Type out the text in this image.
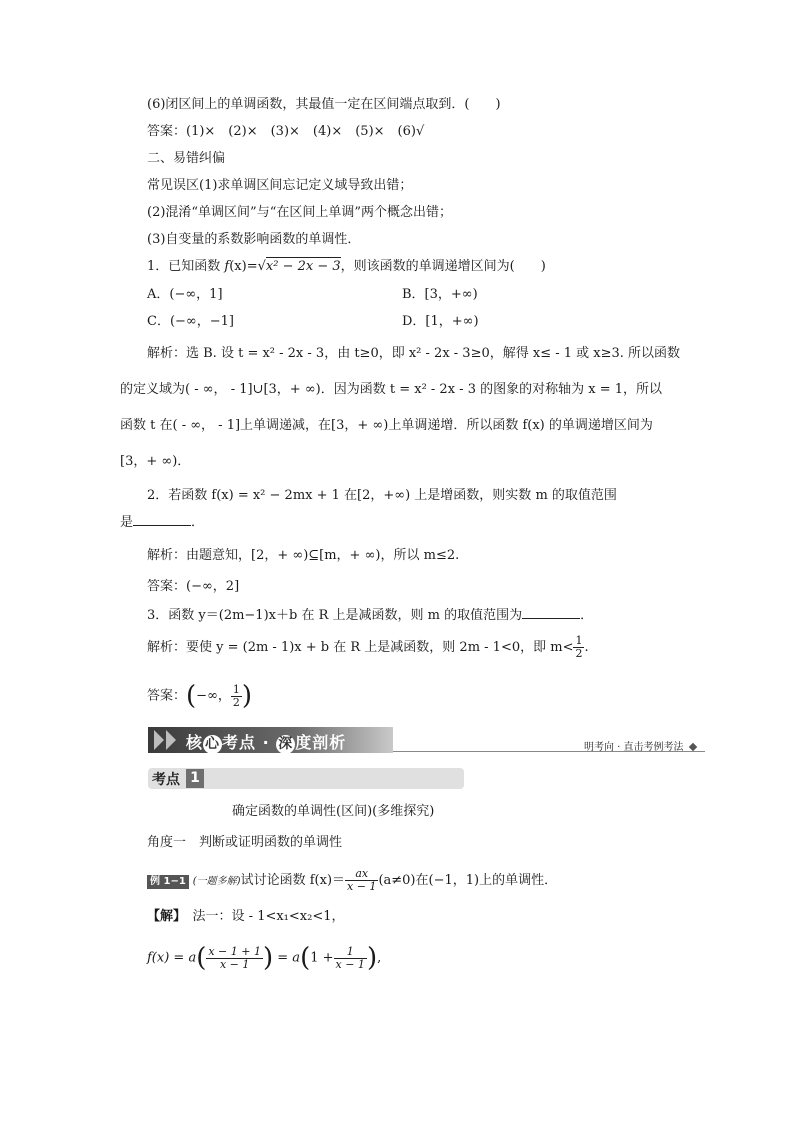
(6)闭区间上的单调函数，其最值一定在区间端点取到．(　　)
答案：(1)×　(2)×　(3)×　(4)×　(5)×　(6)√
二、易错纠偏
常见误区(1)求单调区间忘记定义域导致出错；
(2)混淆“单调区间”与“在区间上单调”两个概念出错；
(3)自变量的系数影响函数的单调性．
1．已知函数 f(x)=√x² − 2x − 3，则该函数的单调递增区间为(　　)
A．(−∞，1]	B．[3，+∞)
C．(−∞，−1]	D．[1，+∞)
解析：选 B. 设 t = x² - 2x - 3，由 t≥0，即 x² - 2x - 3≥0，解得 x≤ - 1 或 x≥3. 所以函数
的定义域为( - ∞， - 1]∪[3，+ ∞)．因为函数 t = x² - 2x - 3 的图象的对称轴为 x = 1，所以
函数 t 在( - ∞， - 1]上单调递减，在[3，+ ∞)上单调递增．所以函数 f(x) 的单调递增区间为
[3，+ ∞)．
2．若函数 f(x) = x² − 2mx + 1 在[2，+∞) 上是增函数，则实数 m 的取值范围
是	．
解析：由题意知，[2，+ ∞)⊆[m，+ ∞)，所以 m≤2.
答案：(−∞，2]
3．函数 y＝(2m−1)x＋b 在 R 上是减函数，则 m 的取值范围为	．
解析：要使 y = (2m - 1)x + b 在 R 上是减函数，则 2m - 1<0，即 $m< \frac{1}{2}$ .
答案：(−∞， $\frac{1}{2}$ )
核 心 考点 · 深 度剖析	明考向 · 直击考例考法
考点 1
确定函数的单调性(区间)(多维探究)
角度一　判断或证明函数的单调性
例 1−1 (一题多解)试讨论函数 $f(x)= \frac{ax}{x - 1} (a\ne 0)$在(−1，1)上的单调性．
【解】　 法一：设 - 1<x₁<x₂<1，
$f(x) = a( \frac{x - 1 + 1}{x - 1}$ ) = $a(1 + \frac{1}{x - 1}$ ),
